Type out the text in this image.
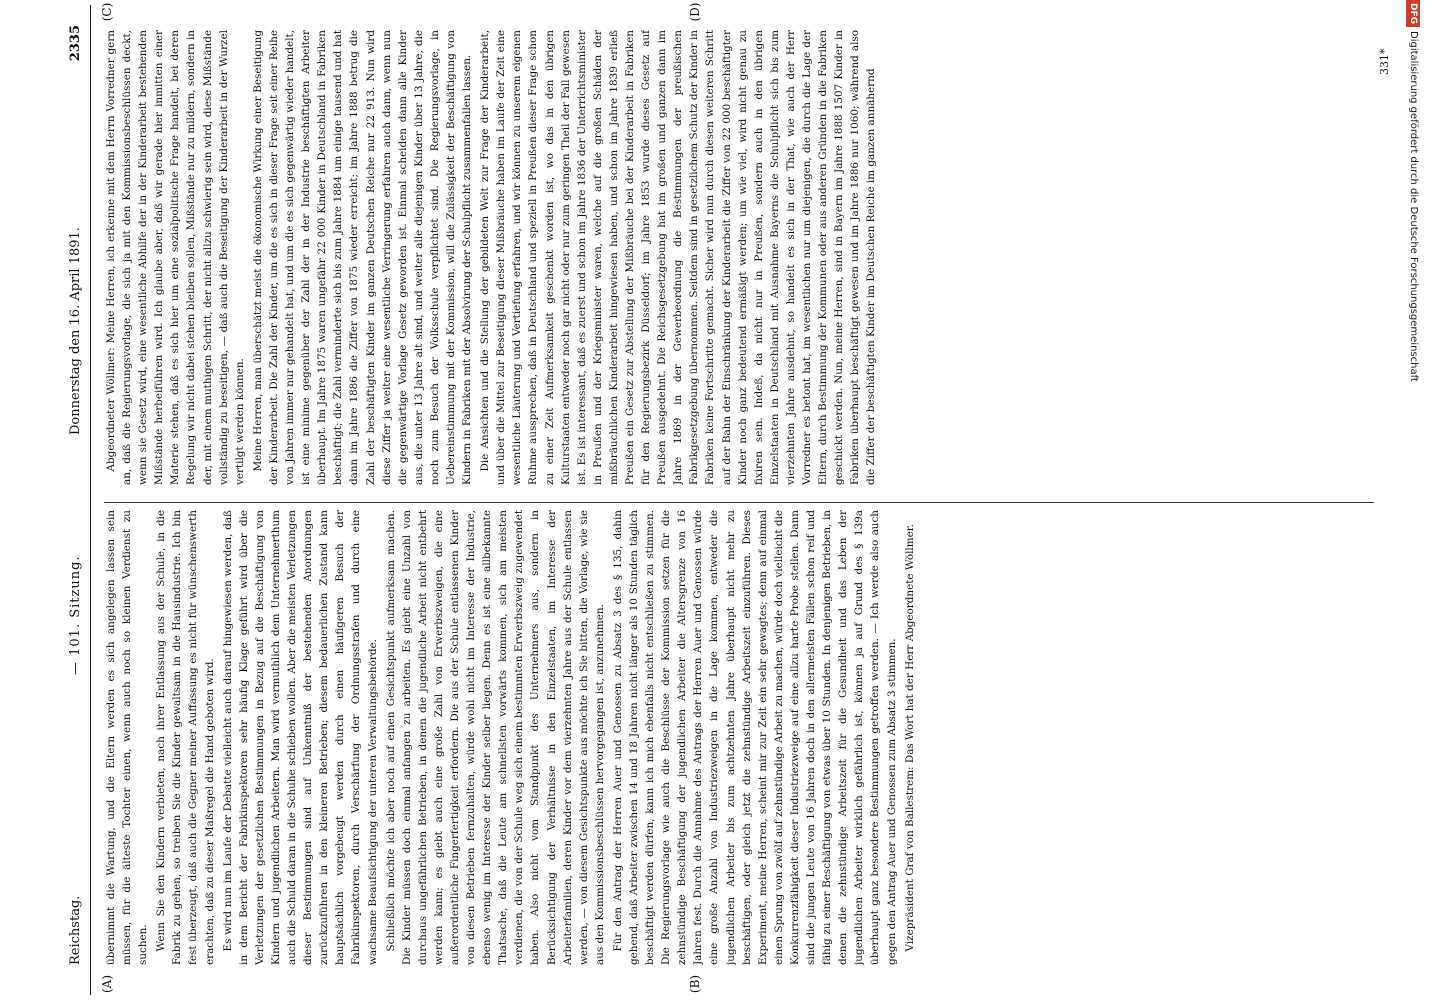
Reichstag.
— 101. Sitzung.
Donnerstag den 16. April 1891.
2335
(A)	(B)
(C)	(D)

übernimmt die Wartung, und die Eltern werden es sich angelegen lassen sein müssen, für die älteste Tochter einen, wenn auch noch so kleinen Verdienst zu suchen. Wenn Sie den Kindern verbieten, nach ihrer Entlassung aus der Schule, in die Fabrik zu gehen, so treiben Sie die Kinder gewaltsam in die Hausindustrie. Ich bin fest überzeugt, daß auch die Gegner meiner Auffassung es nicht für wünschenswerth erachten, daß zu dieser Maßregel die Hand geboten wird. Es wird nun im Laufe der Debatte vielleicht auch darauf hingewiesen werden, daß in dem Bericht der Fabrikinspektoren sehr häufig Klage geführt wird über die Verletzungen der gesetzlichen Bestimmungen in Bezug auf die Beschäftigung von Kindern und jugendlichen Arbeitern. Man wird vermuthlich dem Unternehmerthum auch die Schuld daran in die Schuhe schieben wollen. Aber die meisten Verletzungen dieser Bestimmungen sind auf Unkenntniß der bestehenden Anordnungen zurückzuführen in den kleineren Betrieben; diesem bedauerlichen Zustand kann hauptsächlich vorgebeugt werden durch einen häufigeren Besuch der Fabrikinspektoren, durch Verschärfung der Ordnungsstrafen und durch eine wachsame Beaufsichtigung der unteren Verwaltungsbehörde. Schließlich möchte ich aber noch auf einen Gesichtspunkt aufmerksam machen. Die Kinder müssen doch einmal anfangen zu arbeiten. Es giebt eine Unzahl von durchaus ungefährlichen Betrieben, in denen die jugendliche Arbeit nicht entbehrt werden kann; es giebt auch eine große Zahl von Erwerbszweigen, die eine außerordentliche Fingerfertigkeit erfordern. Die aus der Schule entlassenen Kinder von diesen Betrieben fernzuhalten, würde wohl nicht im Interesse der Industrie, ebenso wenig im Interesse der Kinder selber liegen. Denn es ist eine allbekannte Thatsache, daß die Leute am schnellsten vorwärts kommen, sich am meisten verdienen, die von der Schule weg sich einem bestimmten Erwerbszweig zugewendet haben. Also nicht vom Standpunkt des Unternehmers aus, sondern in Berücksichtigung der Verhältnisse in den Einzelstaaten, im Interesse der Arbeiterfamilien, deren Kinder vor dem vierzehnten Jahre aus der Schule entlassen werden, — von diesem Gesichtspunkte aus möchte ich Sie bitten, die Vorlage, wie sie aus den Kommissionsbeschlüssen hervorgegangen ist, anzunehmen. Für den Antrag der Herren Auer und Genossen zu Absatz 3 des § 135, dahin gehend, daß Arbeiter zwischen 14 und 18 Jahren nicht länger als 10 Stunden täglich beschäftigt werden dürfen, kann ich mich ebenfalls nicht entschließen zu stimmen. Die Regierungsvorlage wie auch die Beschlüsse der Kommission setzen für die zehnstündige Beschäftigung der jugendlichen Arbeiter die Altersgrenze von 16 Jahren fest. Durch die Annahme des Antrags der Herren Auer und Genossen würde eine große Anzahl von Industriezweigen in die Lage kommen, entweder die jugendlichen Arbeiter bis zum achtzehnten Jahre überhaupt nicht mehr zu beschäftigen, oder gleich jetzt die zehnstündige Arbeitszeit einzuführen. Dieses Experiment, meine Herren, scheint mir zur Zeit ein sehr gewagtes; denn auf einmal einen Sprung von zwölf auf zehnstündige Arbeit zu machen, würde doch vielleicht die Konkurrenzfähigkeit dieser Industriezweige auf eine allzu harte Probe stellen. Dann sind die jungen Leute von 16 Jahren doch in den allermeisten Fällen schon reif und fähig zu einer Beschäftigung von etwas über 10 Stunden. In denjenigen Betrieben, in denen die zehnstündige Arbeitszeit für die Gesundheit und das Leben der jugendlichen Arbeiter wirklich gefährlich ist, können ja auf Grund des § 139a überhaupt ganz besondere Bestimmungen getroffen werden. — Ich werde also auch gegen den Antrag Auer und Genossen zum Absatz 3 stimmen. Vizepräsident Graf von Ballestrem: Das Wort hat der Herr Abgeordnete Wöllmer.

Abgeordneter Wöllmer: Meine Herren, ich erkenne mit dem Herrn Vorredner gern an, daß die Regierungsvorlage, die sich ja mit den Kommissionsbeschlüssen deckt, wenn sie Gesetz wird, eine wesentliche Abhilfe der in der Kinderarbeit bestehenden Mißstände herbeiführen wird. Ich glaube aber, daß wir gerade hier inmitten einer Materie stehen, daß es sich hier um eine sozialpolitische Frage handelt, bei deren Regelung wir nicht dabei stehen bleiben sollen, Mißstände nur zu mildern, sondern in der, mit einem muthigen Schritt, der nicht allzu schwierig sein wird, diese Mißstände vollständig zu beseitigen, — daß auch die Beseitigung der Kinderarbeit in der Wurzel vertilgt werden können. Meine Herren, man überschätzt meist die ökonomische Wirkung einer Beseitigung der Kinderarbeit. Die Zahl der Kinder, um die es sich in dieser Frage seit einer Reihe von Jahren immer nur gehandelt hat, und um die es sich gegenwärtig wieder handelt, ist eine minime gegenüber der Zahl der in der Industrie beschäftigten Arbeiter überhaupt. Im Jahre 1875 waren ungefähr 22 000 Kinder in Deutschland in Fabriken beschäftigt; die Zahl verminderte sich bis zum Jahre 1884 um einige tausend und hat dann im Jahre 1886 die Ziffer von 1875 wieder erreicht; im Jahre 1888 betrug die Zahl der beschäftigten Kinder im ganzen Deutschen Reiche nur 22 913. Nun wird diese Ziffer ja weiter eine wesentliche Verringerung erfahren auch dann, wenn nun die gegenwärtige Vorlage Gesetz geworden ist. Einmal scheiden dann alle Kinder aus, die unter 13 Jahre alt sind, und weiter alle diejenigen Kinder über 13 Jahre, die noch zum Besuch der Volksschule verpflichtet sind. Die Regierungsvorlage, in Uebereinstimmung mit der Kommission, will die Zulässigkeit der Beschäftigung von Kindern in Fabriken mit der Absolvirung der Schulpflicht zusammenfallen lassen. Die Ansichten und die Stellung der gebildeten Welt zur Frage der Kinderarbeit, und über die Mittel zur Beseitigung dieser Mißbräuche haben im Laufe der Zeit eine wesentliche Läuterung und Vertiefung erfahren, und wir können zu unserem eigenen Ruhme aussprechen, daß in Deutschland und speziell in Preußen dieser Frage schon zu einer Zeit Aufmerksamkeit geschenkt worden ist, wo das in den übrigen Kulturstaaten entweder noch gar nicht oder nur zum geringen Theil der Fall gewesen ist. Es ist interessant, daß es zuerst und schon im Jahre 1836 der Unterrichtsminister in Preußen und der Kriegsminister waren, welche auf die großen Schäden der mißbräuchlichen Kinderarbeit hingewiesen haben, und schon im Jahre 1839 erließ Preußen ein Gesetz zur Abstellung der Mißbräuche bei der Kinderarbeit in Fabriken für den Regierungsbezirk Düsseldorf; im Jahre 1853 wurde dieses Gesetz auf Preußen ausgedehnt. Die Reichsgesetzgebung hat im großen und ganzen dann im Jahre 1869 in der Gewerbeordnung die Bestimmungen der preußischen Fabrikgesetzgebung übernommen. Seitdem sind in gesetzlichem Schutz der Kinder in Fabriken keine Fortschritte gemacht. Sicher wird nun durch diesen weiteren Schritt auf der Bahn der Einschränkung der Kinderarbeit die Ziffer von 22 000 beschäftigter Kinder noch ganz bedeutend ermäßigt werden; um wie viel, wird nicht genau zu fixiren sein. Indeß, da nicht nur in Preußen, sondern auch in den übrigen Einzelstaaten in Deutschland mit Ausnahme Bayerns die Schulpflicht sich bis zum vierzehnten Jahre ausdehnt, so handelt es sich in der That, wie auch der Herr Vorredner es betont hat, im wesentlichen nur um diejenigen, die durch die Lage der Eltern, durch Bestimmung der Kommunen oder aus anderen Gründen in die Fabriken geschickt werden. Nun, meine Herren, sind in Bayern im Jahre 1888 1507 Kinder in Fabriken überhaupt beschäftigt gewesen und im Jahre 1886 nur 1060; während also die Ziffer der beschäftigten Kinder im Deutschen Reiche im ganzen annähernd

331*
DFGDigitalisierung gefördert durch die Deutsche Forschungsgemeinschaft
